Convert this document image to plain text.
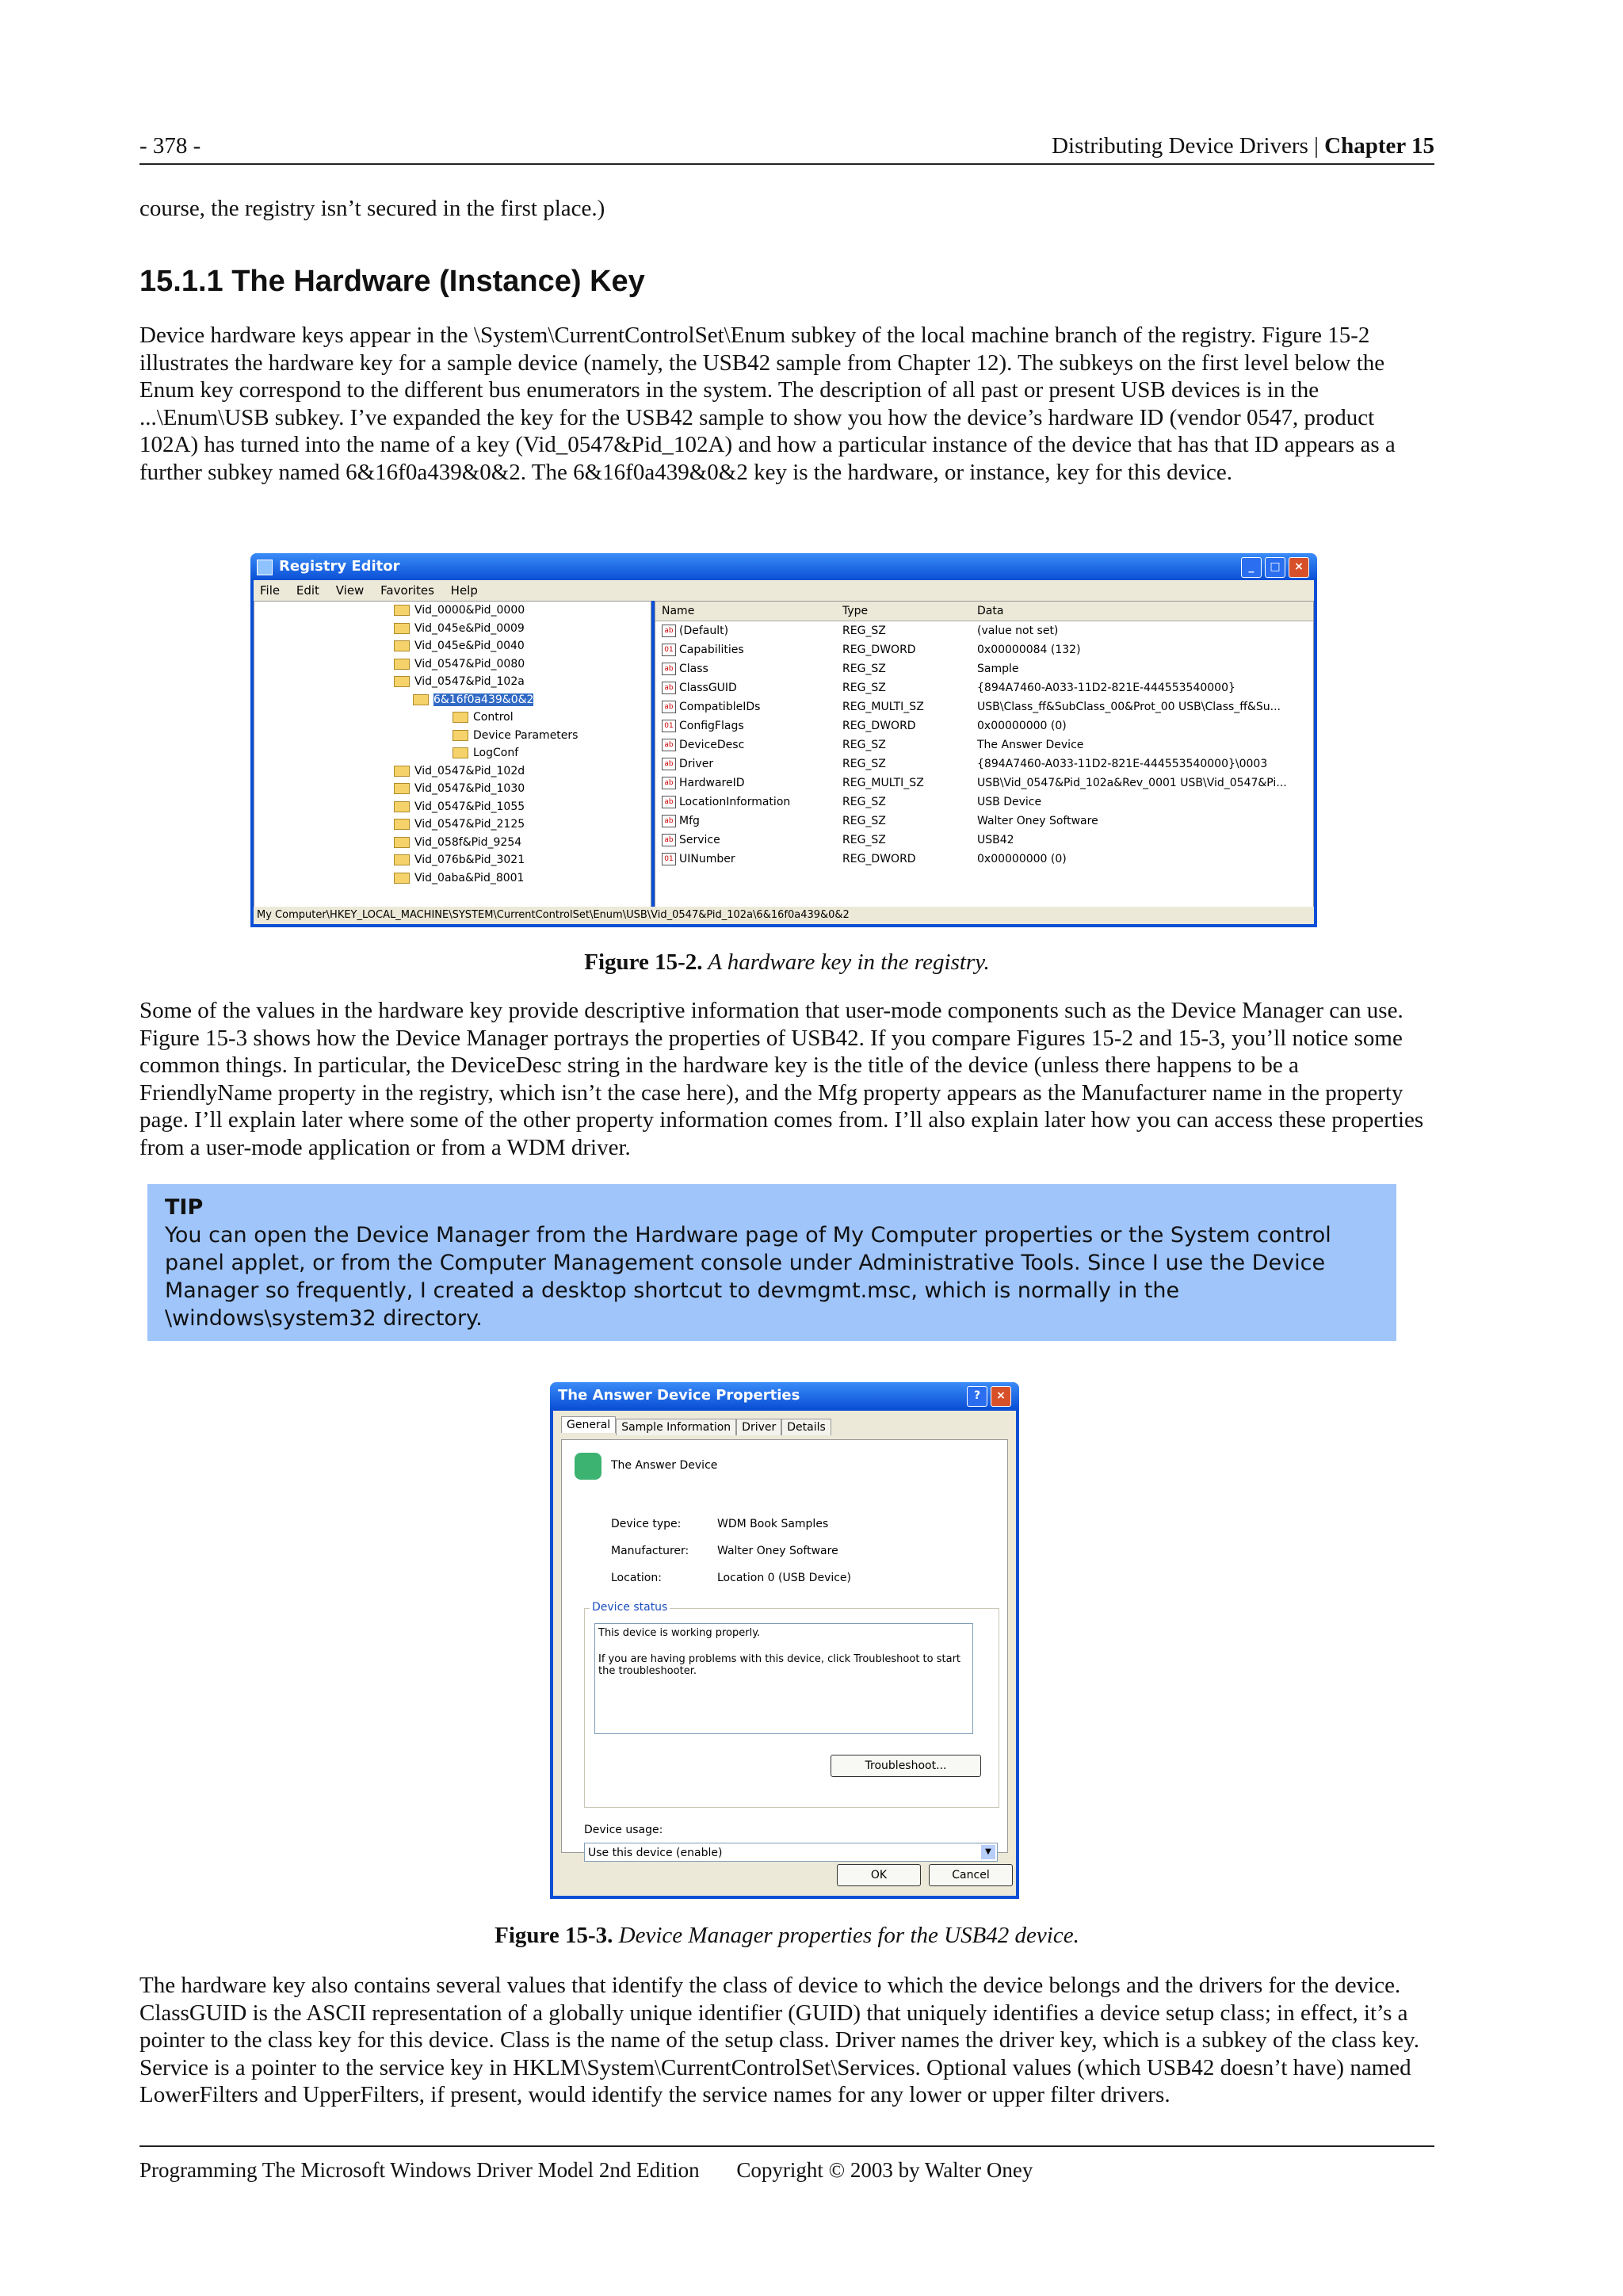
- 378 -	Distributing Device Drivers | Chapter 15

course, the registry isn’t secured in the first place.)

15.1.1 The Hardware (Instance) Key

Device hardware keys appear in the \System\CurrentControlSet\Enum subkey of the local machine branch of the registry. Figure 15-2 illustrates the hardware key for a sample device (namely, the USB42 sample from Chapter 12). The subkeys on the first level below the Enum key correspond to the different bus enumerators in the system. The description of all past or present USB devices is in the ...\Enum\USB subkey. I’ve expanded the key for the USB42 sample to show you how the device’s hardware ID (vendor 0547, product 102A) has turned into the name of a key (Vid_0547&Pid_102A) and how a particular instance of the device that has that ID appears as a further subkey named 6&16f0a439&0&2. The 6&16f0a439&0&2 key is the hardware, or instance, key for this device.

Figure 15-2. A hardware key in the registry.

Some of the values in the hardware key provide descriptive information that user-mode components such as the Device Manager can use. Figure 15-3 shows how the Device Manager portrays the properties of USB42. If you compare Figures 15-2 and 15-3, you’ll notice some common things. In particular, the DeviceDesc string in the hardware key is the title of the device (unless there happens to be a FriendlyName property in the registry, which isn’t the case here), and the Mfg property appears as the Manufacturer name in the property page. I’ll explain later where some of the other property information comes from. I’ll also explain later how you can access these properties from a user-mode application or from a WDM driver.

TIP
You can open the Device Manager from the Hardware page of My Computer properties or the System control panel applet, or from the Computer Management console under Administrative Tools. Since I use the Device Manager so frequently, I created a desktop shortcut to devmgmt.msc, which is normally in the \windows\system32 directory.

Figure 15-3. Device Manager properties for the USB42 device.

The hardware key also contains several values that identify the class of device to which the device belongs and the drivers for the device. ClassGUID is the ASCII representation of a globally unique identifier (GUID) that uniquely identifies a device setup class; in effect, it’s a pointer to the class key for this device. Class is the name of the setup class. Driver names the driver key, which is a subkey of the class key. Service is a pointer to the service key in HKLM\System\CurrentControlSet\Services. Optional values (which USB42 doesn’t have) named LowerFilters and UpperFilters, if present, would identify the service names for any lower or upper filter drivers.

Programming The Microsoft Windows Driver Model 2nd Edition Copyright © 2003 by Walter Oney
Registry Editor	_	□	×
File Edit View Favorites Help
Vid_0000&Pid_0000
Vid_045e&Pid_0009
Vid_045e&Pid_0040
Vid_0547&Pid_0080
Vid_0547&Pid_102a
6&16f0a439&0&2
Control
Device Parameters
LogConf
Vid_0547&Pid_102d
Vid_0547&Pid_1030
Vid_0547&Pid_1055
Vid_0547&Pid_2125
Vid_058f&Pid_9254
Vid_076b&Pid_3021
Vid_0aba&Pid_8001
Name	Type	Data
ab (Default)	REG_SZ	(value not set)
01 Capabilities	REG_DWORD	0x00000084 (132)
ab Class	REG_SZ	Sample
ab ClassGUID	REG_SZ	{894A7460-A033-11D2-821E-444553540000}
ab CompatibleIDs	REG_MULTI_SZ	USB\Class_ff&SubClass_00&Prot_00 USB\Class_ff&Su...
01 ConfigFlags	REG_DWORD	0x00000000 (0)
ab DeviceDesc	REG_SZ	The Answer Device
ab Driver	REG_SZ	{894A7460-A033-11D2-821E-444553540000}\0003
ab HardwareID	REG_MULTI_SZ	USB\Vid_0547&Pid_102a&Rev_0001 USB\Vid_0547&Pi...
ab LocationInformation	REG_SZ	USB Device
ab Mfg	REG_SZ	Walter Oney Software
ab Service	REG_SZ	USB42
01 UINumber	REG_DWORD	0x00000000 (0)
My Computer\HKEY_LOCAL_MACHINE\SYSTEM\CurrentControlSet\Enum\USB\Vid_0547&Pid_102a\6&16f0a439&0&2
The Answer Device Properties	?	×
General Sample Information Driver Details
The Answer Device
Device type:	WDM Book Samples
Manufacturer:	Walter Oney Software
Location:	Location 0 (USB Device)
Device status
This device is working properly.
If you are having problems with this device, click Troubleshoot to start the troubleshooter.
Troubleshoot...
Device usage:
Use this device (enable)	▼
OK	Cancel
